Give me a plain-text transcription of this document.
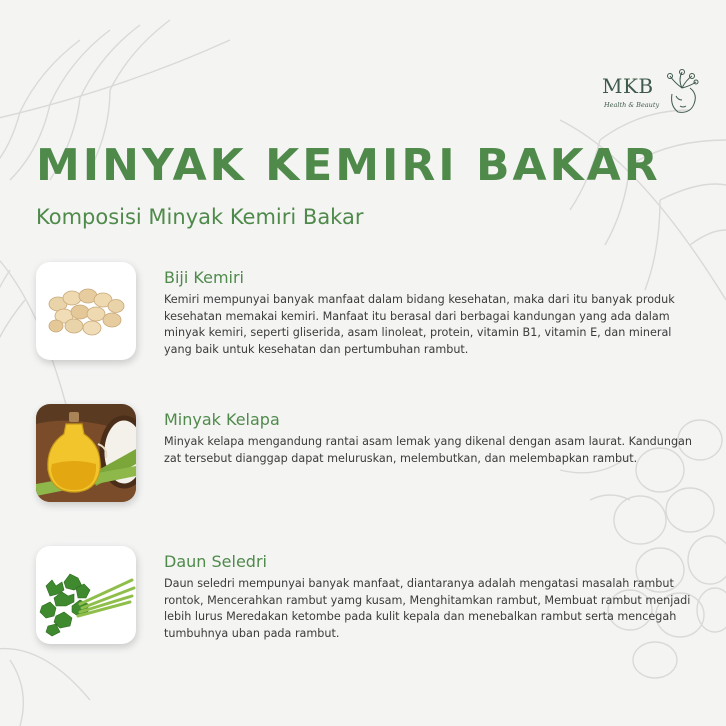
MKB
Health & Beauty
MINYAK KEMIRI BAKAR
Komposisi Minyak Kemiri Bakar
Biji Kemiri
Kemiri mempunyai banyak manfaat dalam bidang kesehatan, maka dari itu banyak produk kesehatan memakai kemiri. Manfaat itu berasal dari berbagai kandungan yang ada dalam minyak kemiri, seperti gliserida, asam linoleat, protein, vitamin B1, vitamin E, dan mineral yang baik untuk kesehatan dan pertumbuhan rambut.
Minyak Kelapa
Minyak kelapa mengandung rantai asam lemak yang dikenal dengan asam laurat. Kandungan zat tersebut dianggap dapat meluruskan, melembutkan, dan melembapkan rambut.
Daun Seledri
Daun seledri mempunyai banyak manfaat, diantaranya adalah mengatasi masalah rambut rontok, Mencerahkan rambut yamg kusam, Menghitamkan rambut, Membuat rambut menjadi lebih lurus Meredakan ketombe pada kulit kepala dan menebalkan rambut serta mencegah tumbuhnya uban pada rambut.
